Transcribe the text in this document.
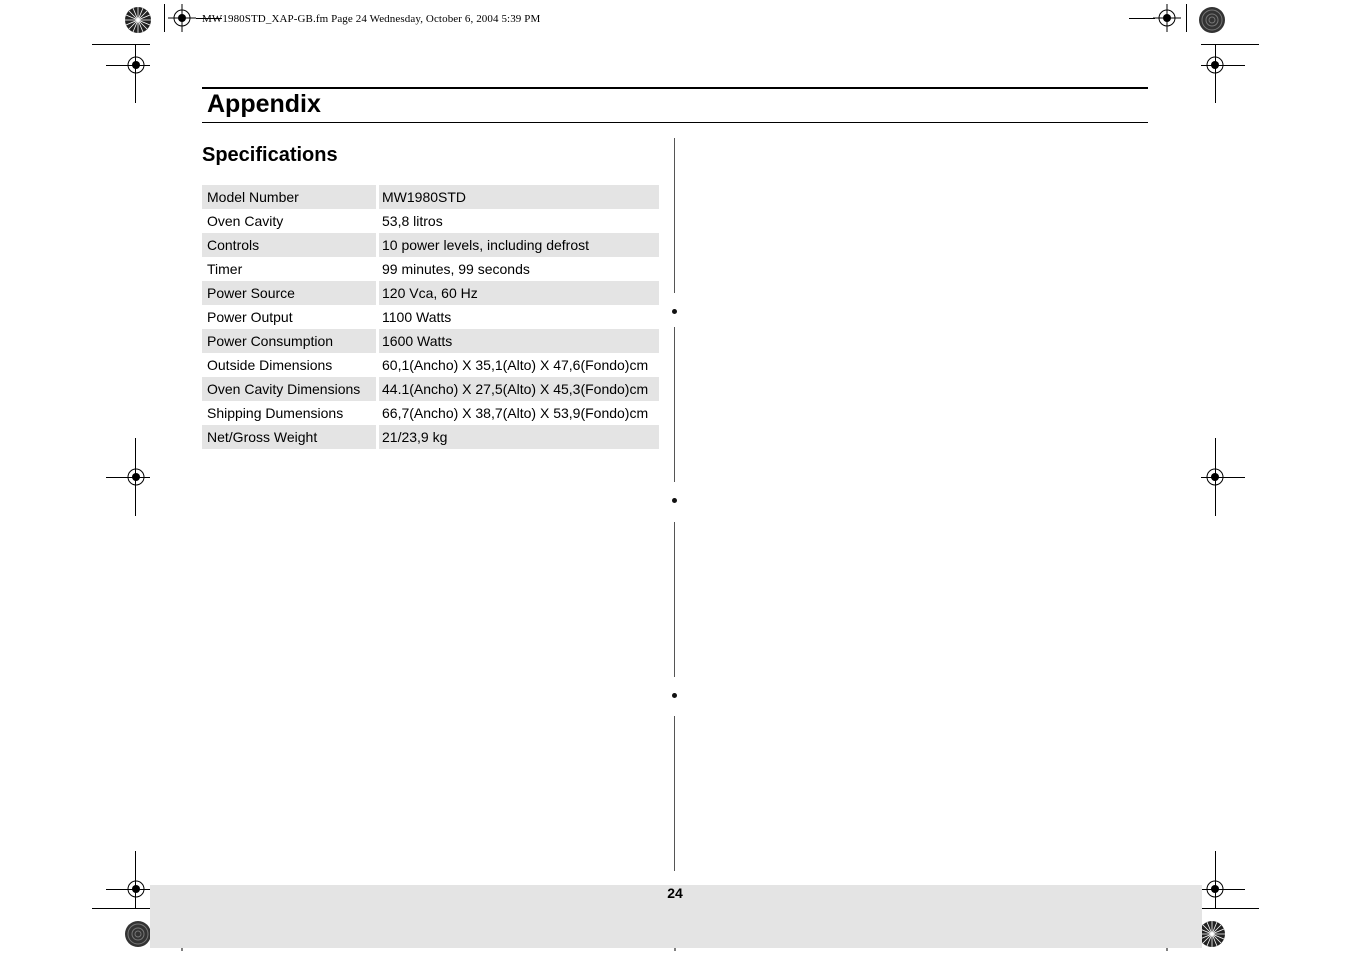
MW1980STD_XAP-GB.fm Page 24 Wednesday, October 6, 2004 5:39 PM
Appendix
Specifications
Model Number	MW1980STD
Oven Cavity	53,8 litros
Controls	10 power levels, including defrost
Timer	99 minutes, 99 seconds
Power Source	120 Vca, 60 Hz
Power Output	1100 Watts
Power Consumption	1600 Watts
Outside Dimensions	60,1(Ancho) X 35,1(Alto) X 47,6(Fondo)cm
Oven Cavity Dimensions	44.1(Ancho) X 27,5(Alto) X 45,3(Fondo)cm
Shipping Dumensions	66,7(Ancho) X 38,7(Alto) X 53,9(Fondo)cm
Net/Gross Weight	21/23,9 kg
24
